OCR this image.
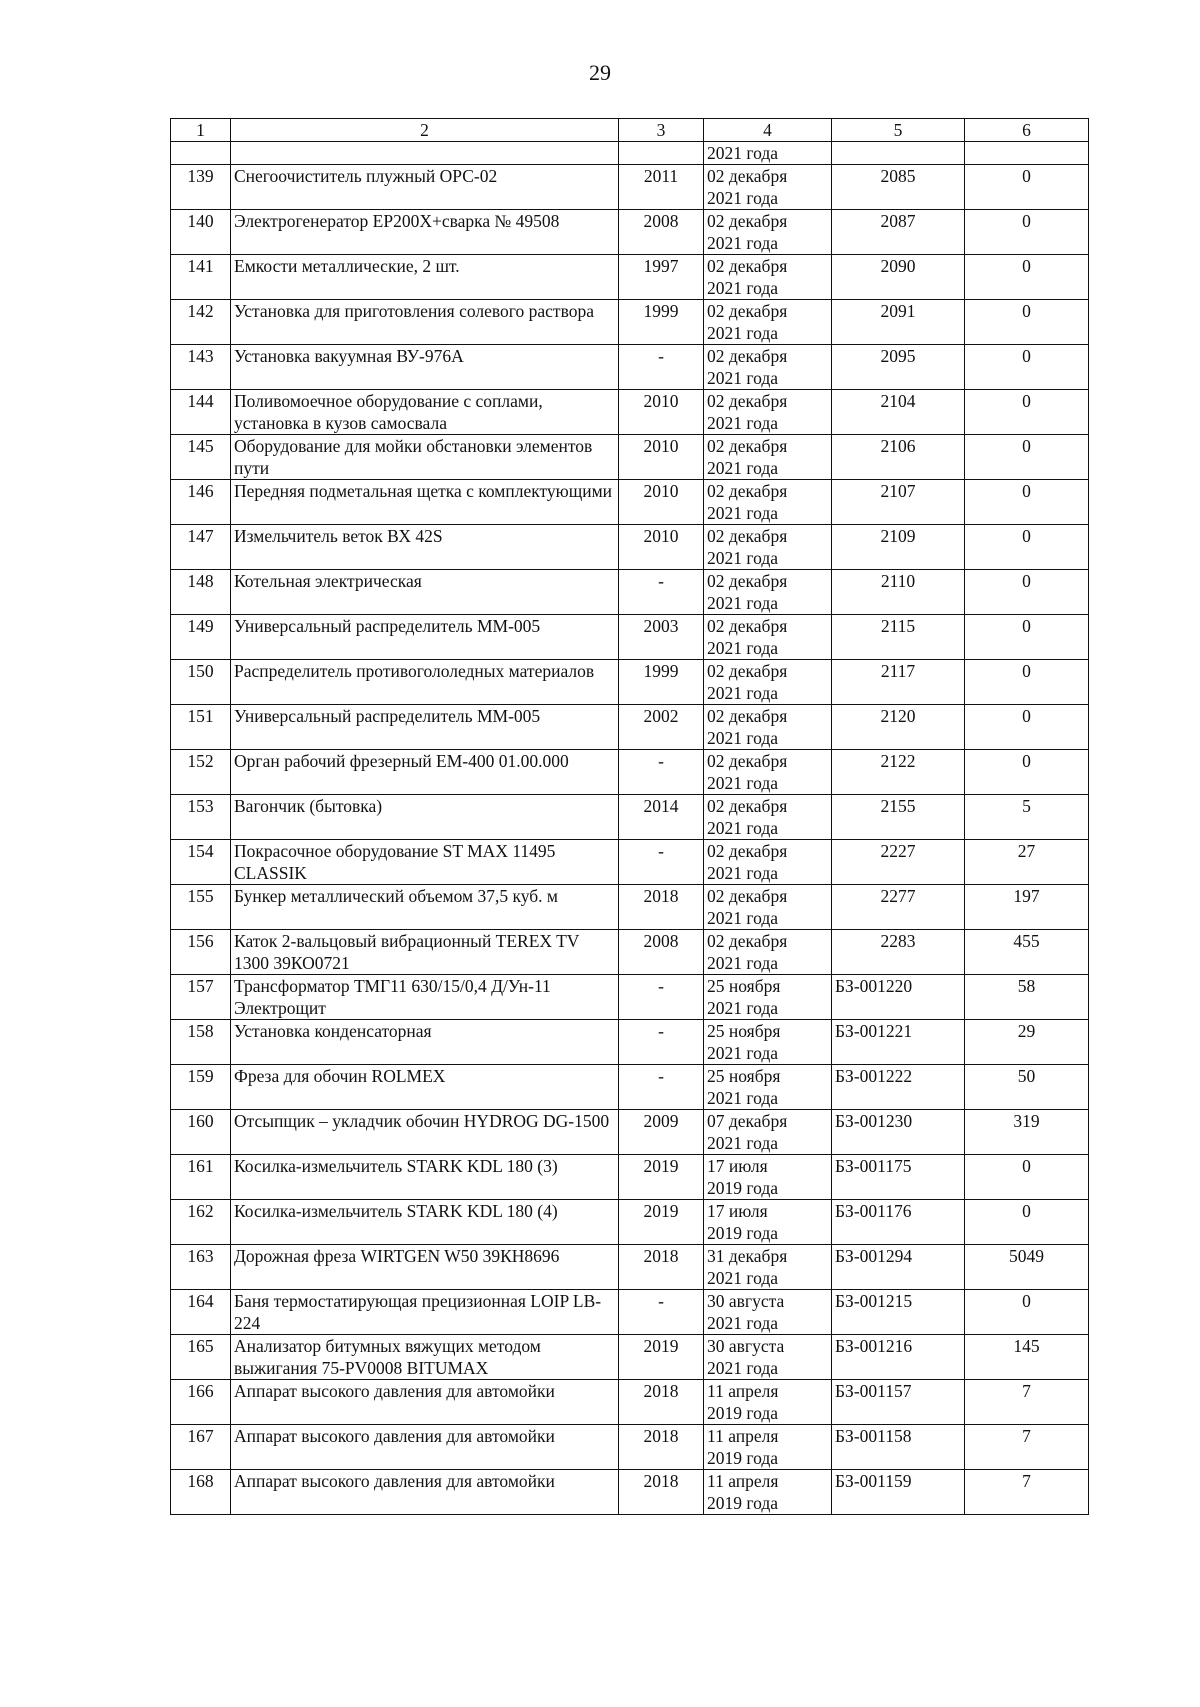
29
1	2	3	4	5	6
			2021 года		
139	Снегоочиститель плужный ОРС-02	2011	02 декабря
2021 года	2085	0
140	Электрогенератор ЕР200Х+сварка № 49508	2008	02 декабря
2021 года	2087	0
141	Емкости металлические, 2 шт.	1997	02 декабря
2021 года	2090	0
142	Установка для приготовления солевого раствора	1999	02 декабря
2021 года	2091	0
143	Установка вакуумная ВУ-976А	-	02 декабря
2021 года	2095	0
144	Поливомоечное оборудование с соплами, установка в кузов самосвала	2010	02 декабря
2021 года	2104	0
145	Оборудование для мойки обстановки элементов пути	2010	02 декабря
2021 года	2106	0
146	Передняя подметальная щетка с комплектующими	2010	02 декабря
2021 года	2107	0
147	Измельчитель веток ВХ 42S	2010	02 декабря
2021 года	2109	0
148	Котельная электрическая	-	02 декабря
2021 года	2110	0
149	Универсальный распределитель ММ-005	2003	02 декабря
2021 года	2115	0
150	Распределитель противогололедных материалов	1999	02 декабря
2021 года	2117	0
151	Универсальный распределитель ММ-005	2002	02 декабря
2021 года	2120	0
152	Орган рабочий фрезерный ЕМ-400 01.00.000	-	02 декабря
2021 года	2122	0
153	Вагончик (бытовка)	2014	02 декабря
2021 года	2155	5
154	Покрасочное оборудование ST MAX 11495 CLASSIK	-	02 декабря
2021 года	2227	27
155	Бункер металлический объемом 37,5 куб. м	2018	02 декабря
2021 года	2277	197
156	Каток 2-вальцовый вибрационный TEREX TV 1300 39КО0721	2008	02 декабря
2021 года	2283	455
157	Трансформатор ТМГ11 630/15/0,4 Д/Ун-11 Электрощит	-	25 ноября
2021 года	БЗ-001220	58
158	Установка конденсаторная	-	25 ноября
2021 года	БЗ-001221	29
159	Фреза для обочин ROLMEX	-	25 ноября
2021 года	БЗ-001222	50
160	Отсыпщик – укладчик обочин HYDROG DG-1500	2009	07 декабря
2021 года	БЗ-001230	319
161	Косилка-измельчитель STARK KDL 180 (3)	2019	17 июля
2019 года	БЗ-001175	0
162	Косилка-измельчитель STARK KDL 180 (4)	2019	17 июля
2019 года	БЗ-001176	0
163	Дорожная фреза WIRTGEN W50 39КН8696	2018	31 декабря
2021 года	БЗ-001294	5049
164	Баня термостатирующая прецизионная LOIP LB-224	-	30 августа
2021 года	БЗ-001215	0
165	Анализатор битумных вяжущих методом выжигания 75-PV0008 BITUMAX	2019	30 августа
2021 года	БЗ-001216	145
166	Аппарат высокого давления для автомойки	2018	11 апреля
2019 года	БЗ-001157	7
167	Аппарат высокого давления для автомойки	2018	11 апреля
2019 года	БЗ-001158	7
168	Аппарат высокого давления для автомойки	2018	11 апреля
2019 года	БЗ-001159	7
